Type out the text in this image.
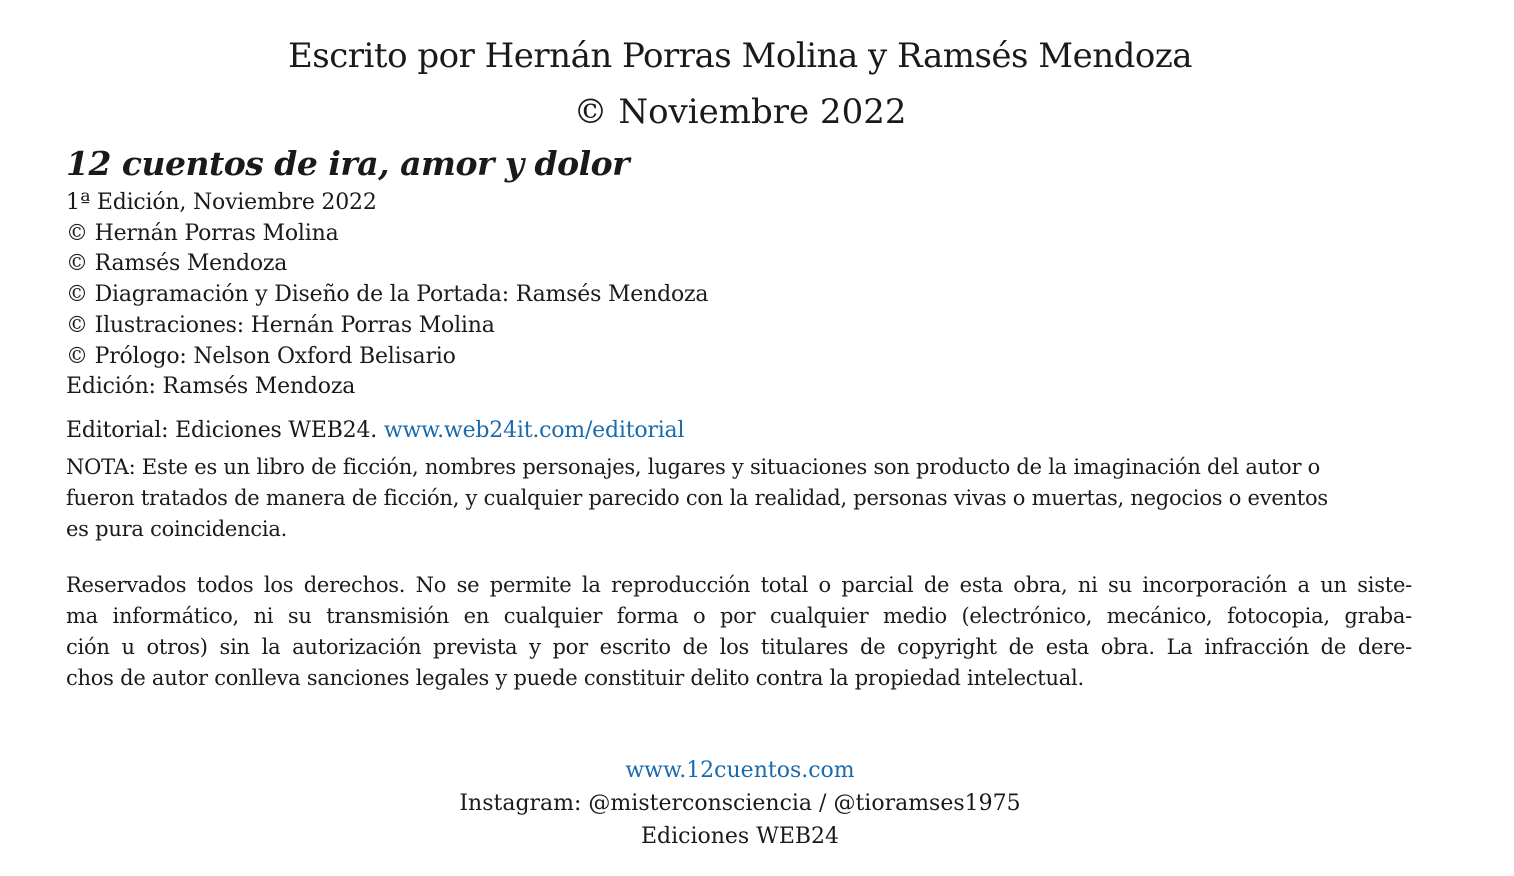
Escrito por Hernán Porras Molina y Ramsés Mendoza
© Noviembre 2022
12 cuentos de ira, amor y dolor
1ª Edición, Noviembre 2022
© Hernán Porras Molina
© Ramsés Mendoza
© Diagramación y Diseño de la Portada: Ramsés Mendoza
© Ilustraciones: Hernán Porras Molina
© Prólogo: Nelson Oxford Belisario
Edición: Ramsés Mendoza
Editorial: Ediciones WEB24. www.web24it.com/editorial
NOTA: Este es un libro de ficción, nombres personajes, lugares y situaciones son producto de la imaginación del autor o
fueron tratados de manera de ficción, y cualquier parecido con la realidad, personas vivas o muertas, negocios o eventos
es pura coincidencia.
Reservados todos los derechos. No se permite la reproducción total o parcial de esta obra, ni su incorporación a un siste-
ma informático, ni su transmisión en cualquier forma o por cualquier medio (electrónico, mecánico, fotocopia, graba-
ción u otros) sin la autorización prevista y por escrito de los titulares de copyright de esta obra. La infracción de dere-
chos de autor conlleva sanciones legales y puede constituir delito contra la propiedad intelectual.
www.12cuentos.com
Instagram: @misterconsciencia / @tioramses1975
Ediciones WEB24
